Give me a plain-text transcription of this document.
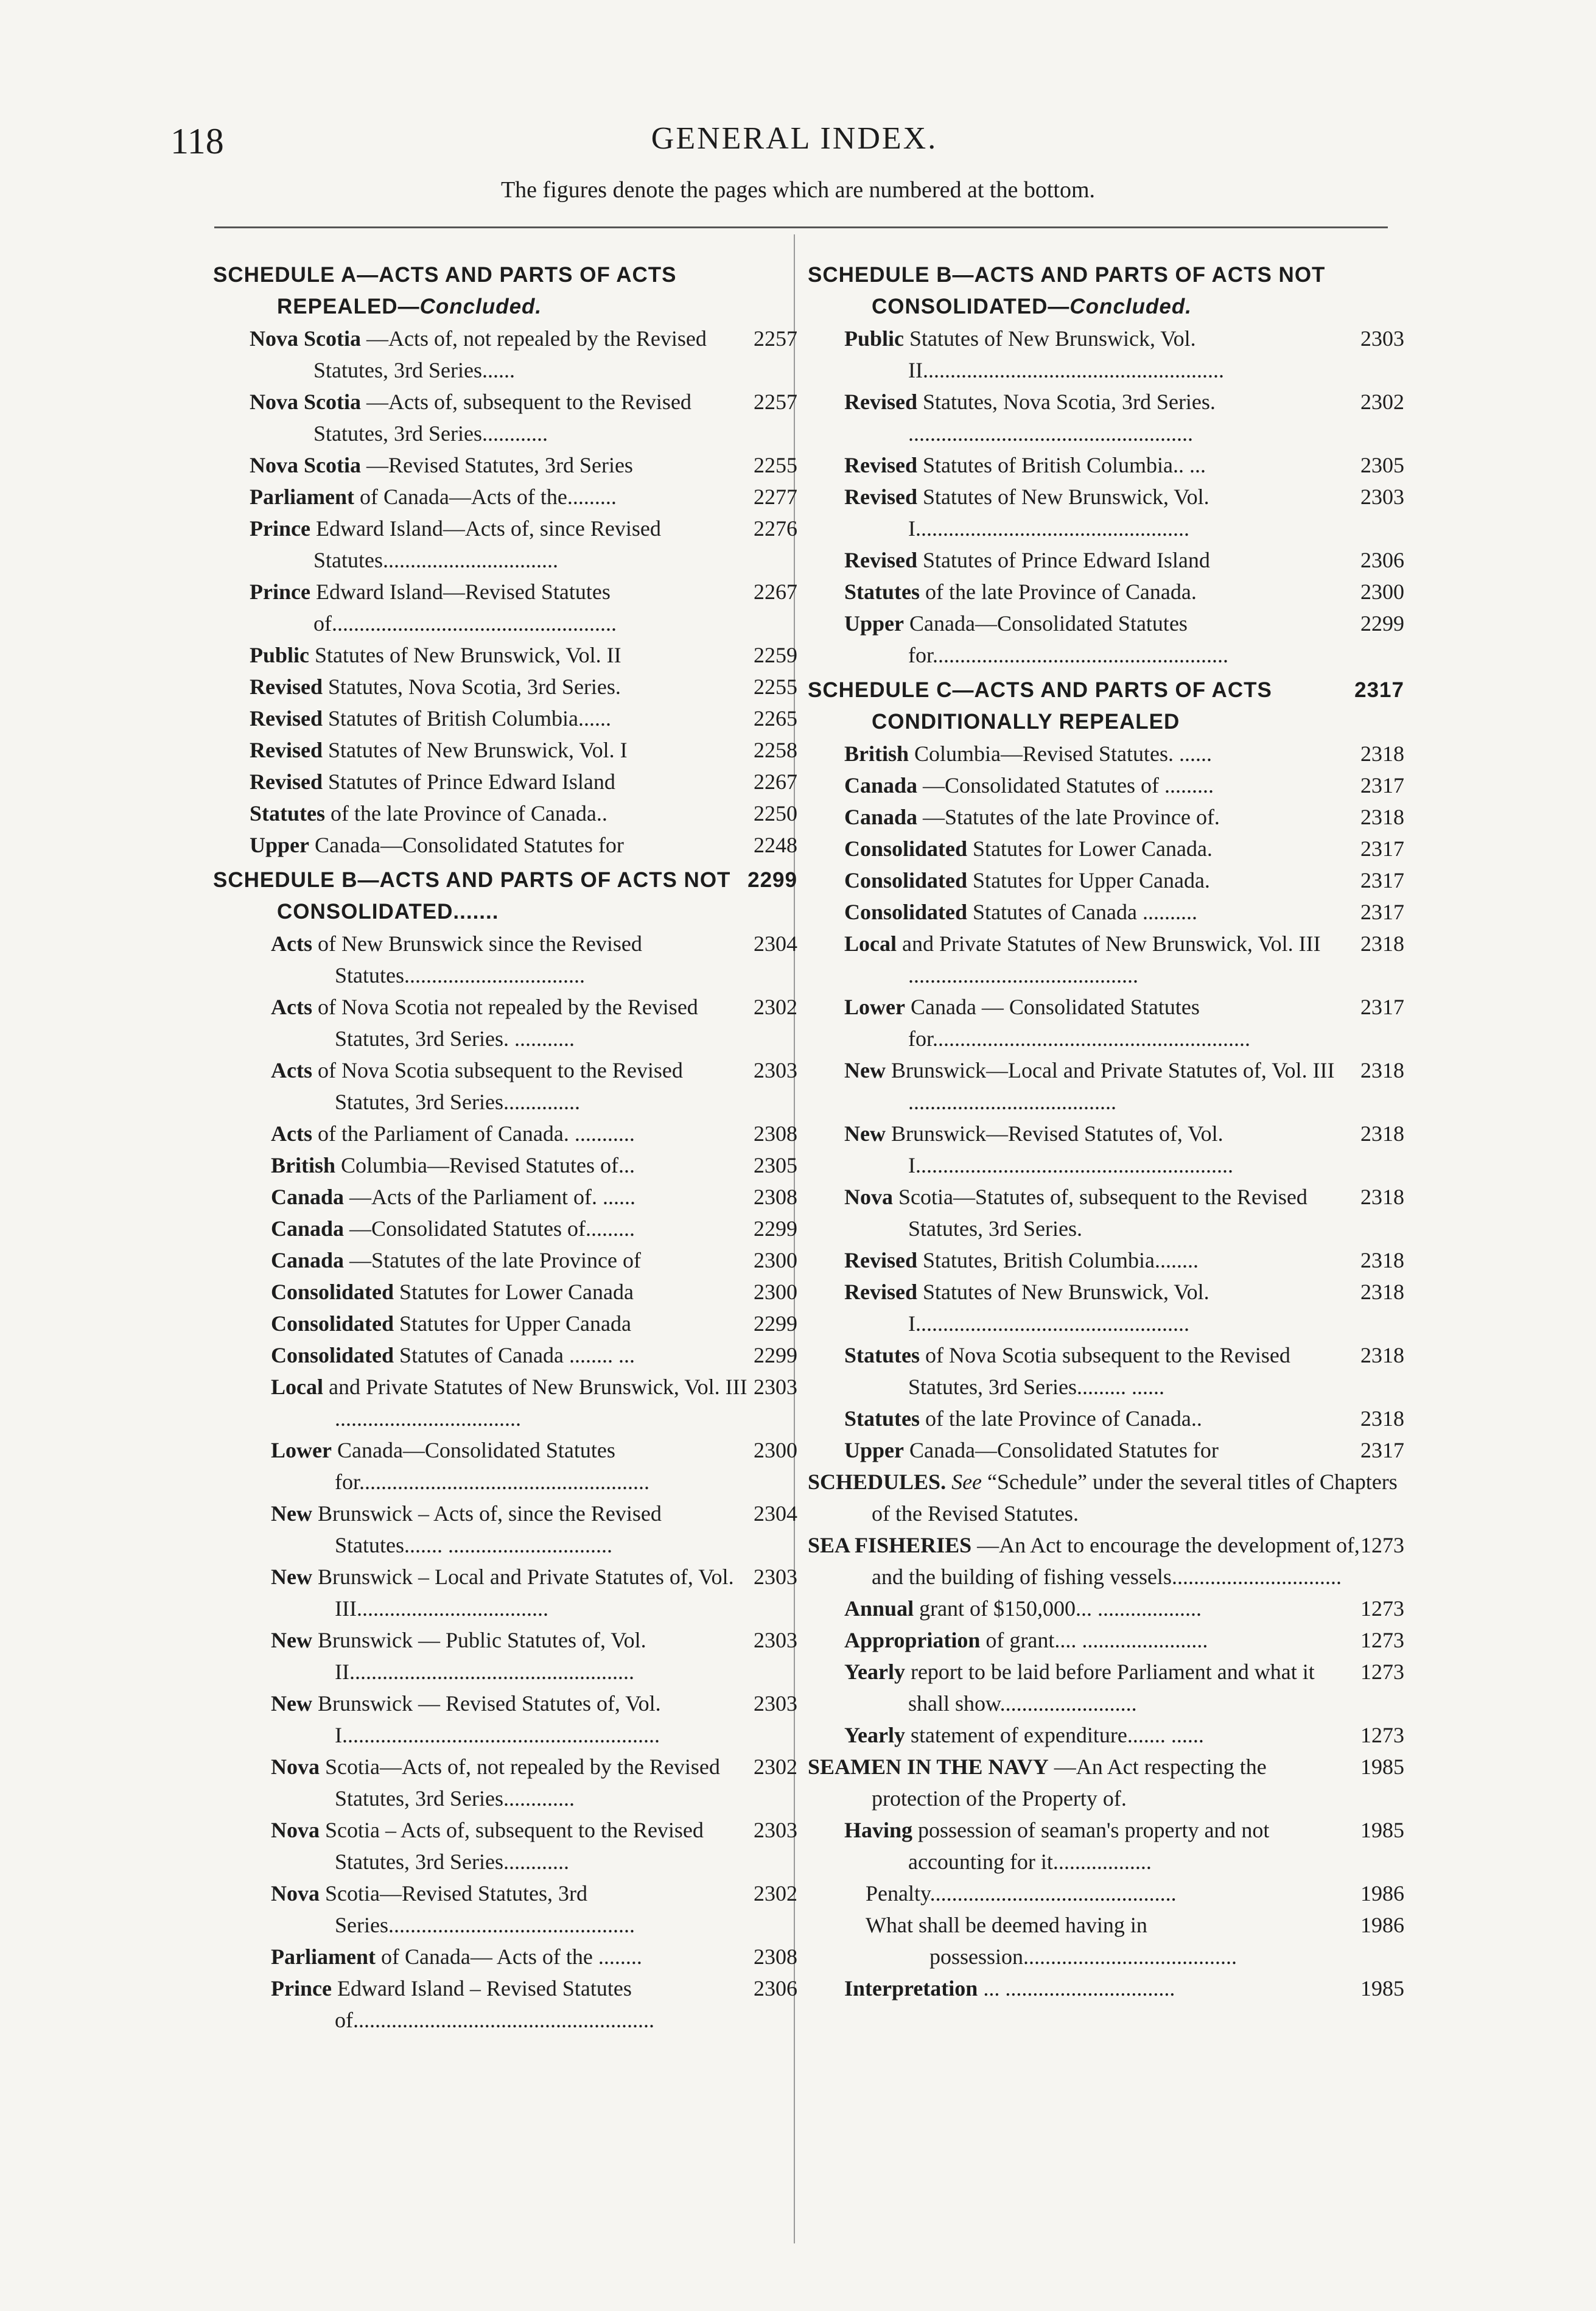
118	GENERAL INDEX.
The figures denote the pages which are numbered at the bottom.

SCHEDULE A—ACTS AND PARTS OF ACTS REPEALED—Concluded.

2257
Nova Scotia —Acts of, not repealed by the Revised Statutes, 3rd Series......

2257
Nova Scotia —Acts of, subsequent to the Revised Statutes, 3rd Series............

2255
Nova Scotia —Revised Statutes, 3rd Series

2277
Parliament of Canada—Acts of the.........

2276
Prince Edward Island—Acts of, since Revised Statutes................................

2267
Prince Edward Island—Revised Statutes of....................................................

2259
Public Statutes of New Brunswick, Vol. II

2255
Revised Statutes, Nova Scotia, 3rd Series.

2265
Revised Statutes of British Columbia......

2258
Revised Statutes of New Brunswick, Vol. I

2267
Revised Statutes of Prince Edward Island

2250
Statutes of the late Province of Canada..

2248
Upper Canada—Consolidated Statutes for

2299
SCHEDULE B—ACTS AND PARTS OF ACTS NOT CONSOLIDATED.......

2304
Acts of New Brunswick since the Revised Statutes.................................

2302
Acts of Nova Scotia not repealed by the Revised Statutes, 3rd Series. ...........

2303
Acts of Nova Scotia subsequent to the Revised Statutes, 3rd Series..............

2308
Acts of the Parliament of Canada. ...........

2305
British Columbia—Revised Statutes of...

2308
Canada —Acts of the Parliament of. ......

2299
Canada —Consolidated Statutes of.........

2300
Canada —Statutes of the late Province of

2300
Consolidated Statutes for Lower Canada

2299
Consolidated Statutes for Upper Canada

2299
Consolidated Statutes of Canada ........ ...

2303
Local and Private Statutes of New Brunswick, Vol. III ..................................

2300
Lower Canada—Consolidated Statutes for.....................................................

2304
New Brunswick – Acts of, since the Revised Statutes....... ..............................

2303
New Brunswick – Local and Private Statutes of, Vol. III...................................

2303
New Brunswick — Public Statutes of, Vol. II....................................................

2303
New Brunswick — Revised Statutes of, Vol. I..........................................................

2302
Nova Scotia—Acts of, not repealed by the Revised Statutes, 3rd Series.............

2303
Nova Scotia – Acts of, subsequent to the Revised Statutes, 3rd Series............

2302
Nova Scotia—Revised Statutes, 3rd Series.............................................

2308
Parliament of Canada— Acts of the ........

2306
Prince Edward Island – Revised Statutes of.......................................................

SCHEDULE B—ACTS AND PARTS OF ACTS NOT CONSOLIDATED—Concluded.

2303
Public Statutes of New Brunswick, Vol. II.......................................................

2302
Revised Statutes, Nova Scotia, 3rd Series. ....................................................

2305
Revised Statutes of British Columbia.. ...

2303
Revised Statutes of New Brunswick, Vol. I..................................................

2306
Revised Statutes of Prince Edward Island

2300
Statutes of the late Province of Canada.

2299
Upper Canada—Consolidated Statutes for......................................................

2317
SCHEDULE C—ACTS AND PARTS OF ACTS CONDITIONALLY REPEALED

2318
British Columbia—Revised Statutes. ......

2317
Canada —Consolidated Statutes of .........

2318
Canada —Statutes of the late Province of.

2317
Consolidated Statutes for Lower Canada.

2317
Consolidated Statutes for Upper Canada.

2317
Consolidated Statutes of Canada ..........

2318
Local and Private Statutes of New Brunswick, Vol. III ..........................................

2317
Lower Canada — Consolidated Statutes for..........................................................

2318
New Brunswick—Local and Private Statutes of, Vol. III ......................................

2318
New Brunswick—Revised Statutes of, Vol. I..........................................................

2318
Nova Scotia—Statutes of, subsequent to the Revised Statutes, 3rd Series.

2318
Revised Statutes, British Columbia........

2318
Revised Statutes of New Brunswick, Vol. I..................................................

2318
Statutes of Nova Scotia subsequent to the Revised Statutes, 3rd Series......... ......

2318
Statutes of the late Province of Canada..

2317
Upper Canada—Consolidated Statutes for

SCHEDULES. See “Schedule” under the several titles of Chapters of the Revised Statutes.

1273
SEA FISHERIES —An Act to encourage the development of, and the building of fishing vessels...............................

1273
Annual grant of $150,000... ...................

1273
Appropriation of grant.... .......................

1273
Yearly report to be laid before Parliament and what it shall show.........................

1273
Yearly statement of expenditure....... ......

1985
SEAMEN IN THE NAVY —An Act respecting the protection of the Property of.

1985
Having possession of seaman's property and not accounting for it..................

1986
Penalty.............................................

1986
What shall be deemed having in possession.......................................

1985
Interpretation ... ...............................
